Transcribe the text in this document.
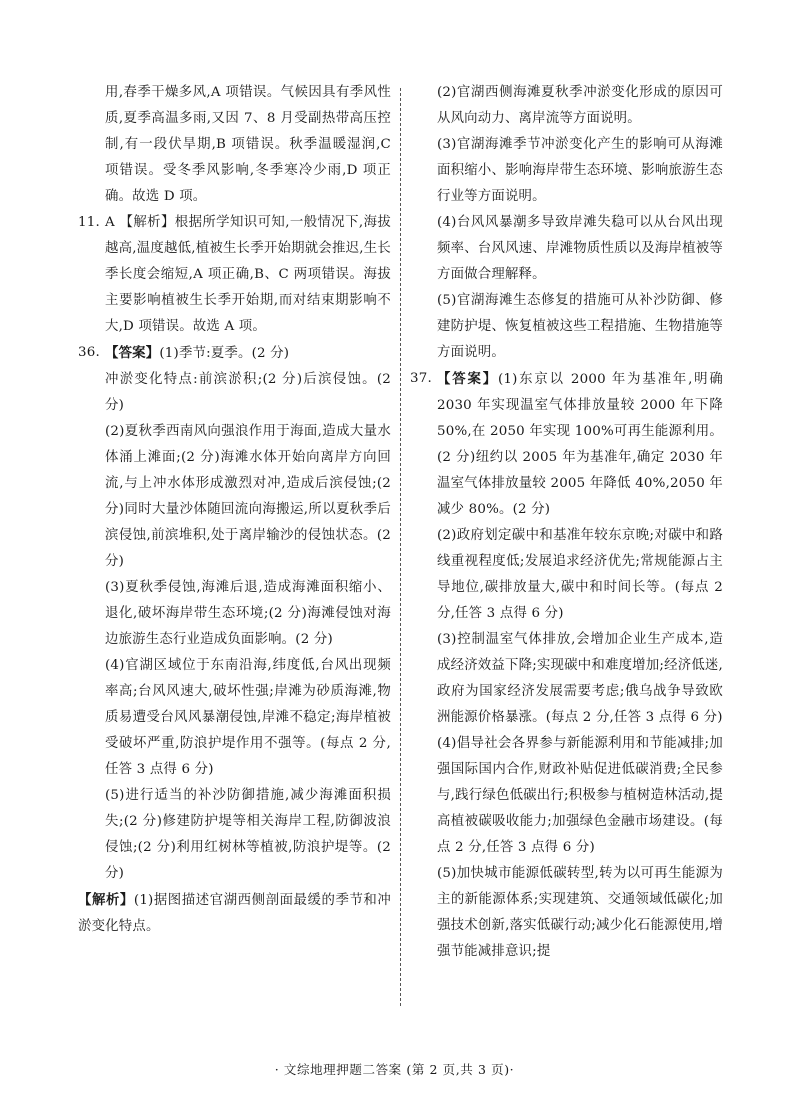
用,春季干燥多风,A 项错误。气候因具有季风性质,夏季高温多雨,又因 7、8 月受副热带高压控制,有一段伏旱期,B 项错误。秋季温暖湿润,C 项错误。受冬季风影响,冬季寒冷少雨,D 项正确。故选 D 项。

11. A 【解析】根据所学知识可知,一般情况下,海拔越高,温度越低,植被生长季开始期就会推迟,生长季长度会缩短,A 项正确,B、C 两项错误。海拔主要影响植被生长季开始期,而对结束期影响不大,D 项错误。故选 A 项。

36. 【答案】(1)季节:夏季。(2 分)

冲淤变化特点:前滨淤积;(2 分)后滨侵蚀。(2 分)

(2)夏秋季西南风向强浪作用于海面,造成大量水体涌上滩面;(2 分)海滩水体开始向离岸方向回流,与上冲水体形成激烈对冲,造成后滨侵蚀;(2 分)同时大量沙体随回流向海搬运,所以夏秋季后滨侵蚀,前滨堆积,处于离岸输沙的侵蚀状态。(2 分)

(3)夏秋季侵蚀,海滩后退,造成海滩面积缩小、退化,破坏海岸带生态环境;(2 分)海滩侵蚀对海边旅游生态行业造成负面影响。(2 分)

(4)官湖区域位于东南沿海,纬度低,台风出现频率高;台风风速大,破坏性强;岸滩为砂质海滩,物质易遭受台风风暴潮侵蚀,岸滩不稳定;海岸植被受破坏严重,防浪护堤作用不强等。(每点 2 分,任答 3 点得 6 分)

(5)进行适当的补沙防御措施,减少海滩面积损失;(2 分)修建防护堤等相关海岸工程,防御波浪侵蚀;(2 分)利用红树林等植被,防浪护堤等。(2 分)

【解析】(1)据图描述官湖西侧剖面最缓的季节和冲淤变化特点。

(2)官湖西侧海滩夏秋季冲淤变化形成的原因可从风向动力、离岸流等方面说明。

(3)官湖海滩季节冲淤变化产生的影响可从海滩面积缩小、影响海岸带生态环境、影响旅游生态行业等方面说明。

(4)台风风暴潮多导致岸滩失稳可以从台风出现频率、台风风速、岸滩物质性质以及海岸植被等方面做合理解释。

(5)官湖海滩生态修复的措施可从补沙防御、修建防护堤、恢复植被这些工程措施、生物措施等方面说明。

37. 【答案】(1)东京以 2000 年为基准年,明确 2030 年实现温室气体排放量较 2000 年下降 50%,在 2050 年实现 100%可再生能源利用。(2 分)纽约以 2005 年为基准年,确定 2030 年温室气体排放量较 2005 年降低 40%,2050 年减少 80%。(2 分)

(2)政府划定碳中和基准年较东京晚;对碳中和路线重视程度低;发展追求经济优先;常规能源占主导地位,碳排放量大,碳中和时间长等。(每点 2 分,任答 3 点得 6 分)

(3)控制温室气体排放,会增加企业生产成本,造成经济效益下降;实现碳中和难度增加;经济低迷,政府为国家经济发展需要考虑;俄乌战争导致欧洲能源价格暴涨。(每点 2 分,任答 3 点得 6 分)

(4)倡导社会各界参与新能源利用和节能减排;加强国际国内合作,财政补贴促进低碳消费;全民参与,践行绿色低碳出行;积极参与植树造林活动,提高植被碳吸收能力;加强绿色金融市场建设。(每点 2 分,任答 3 点得 6 分)

(5)加快城市能源低碳转型,转为以可再生能源为主的新能源体系;实现建筑、交通领域低碳化;加强技术创新,落实低碳行动;减少化石能源使用,增强节能减排意识;提

· 文综地理押题二答案 (第 2 页,共 3 页)·
